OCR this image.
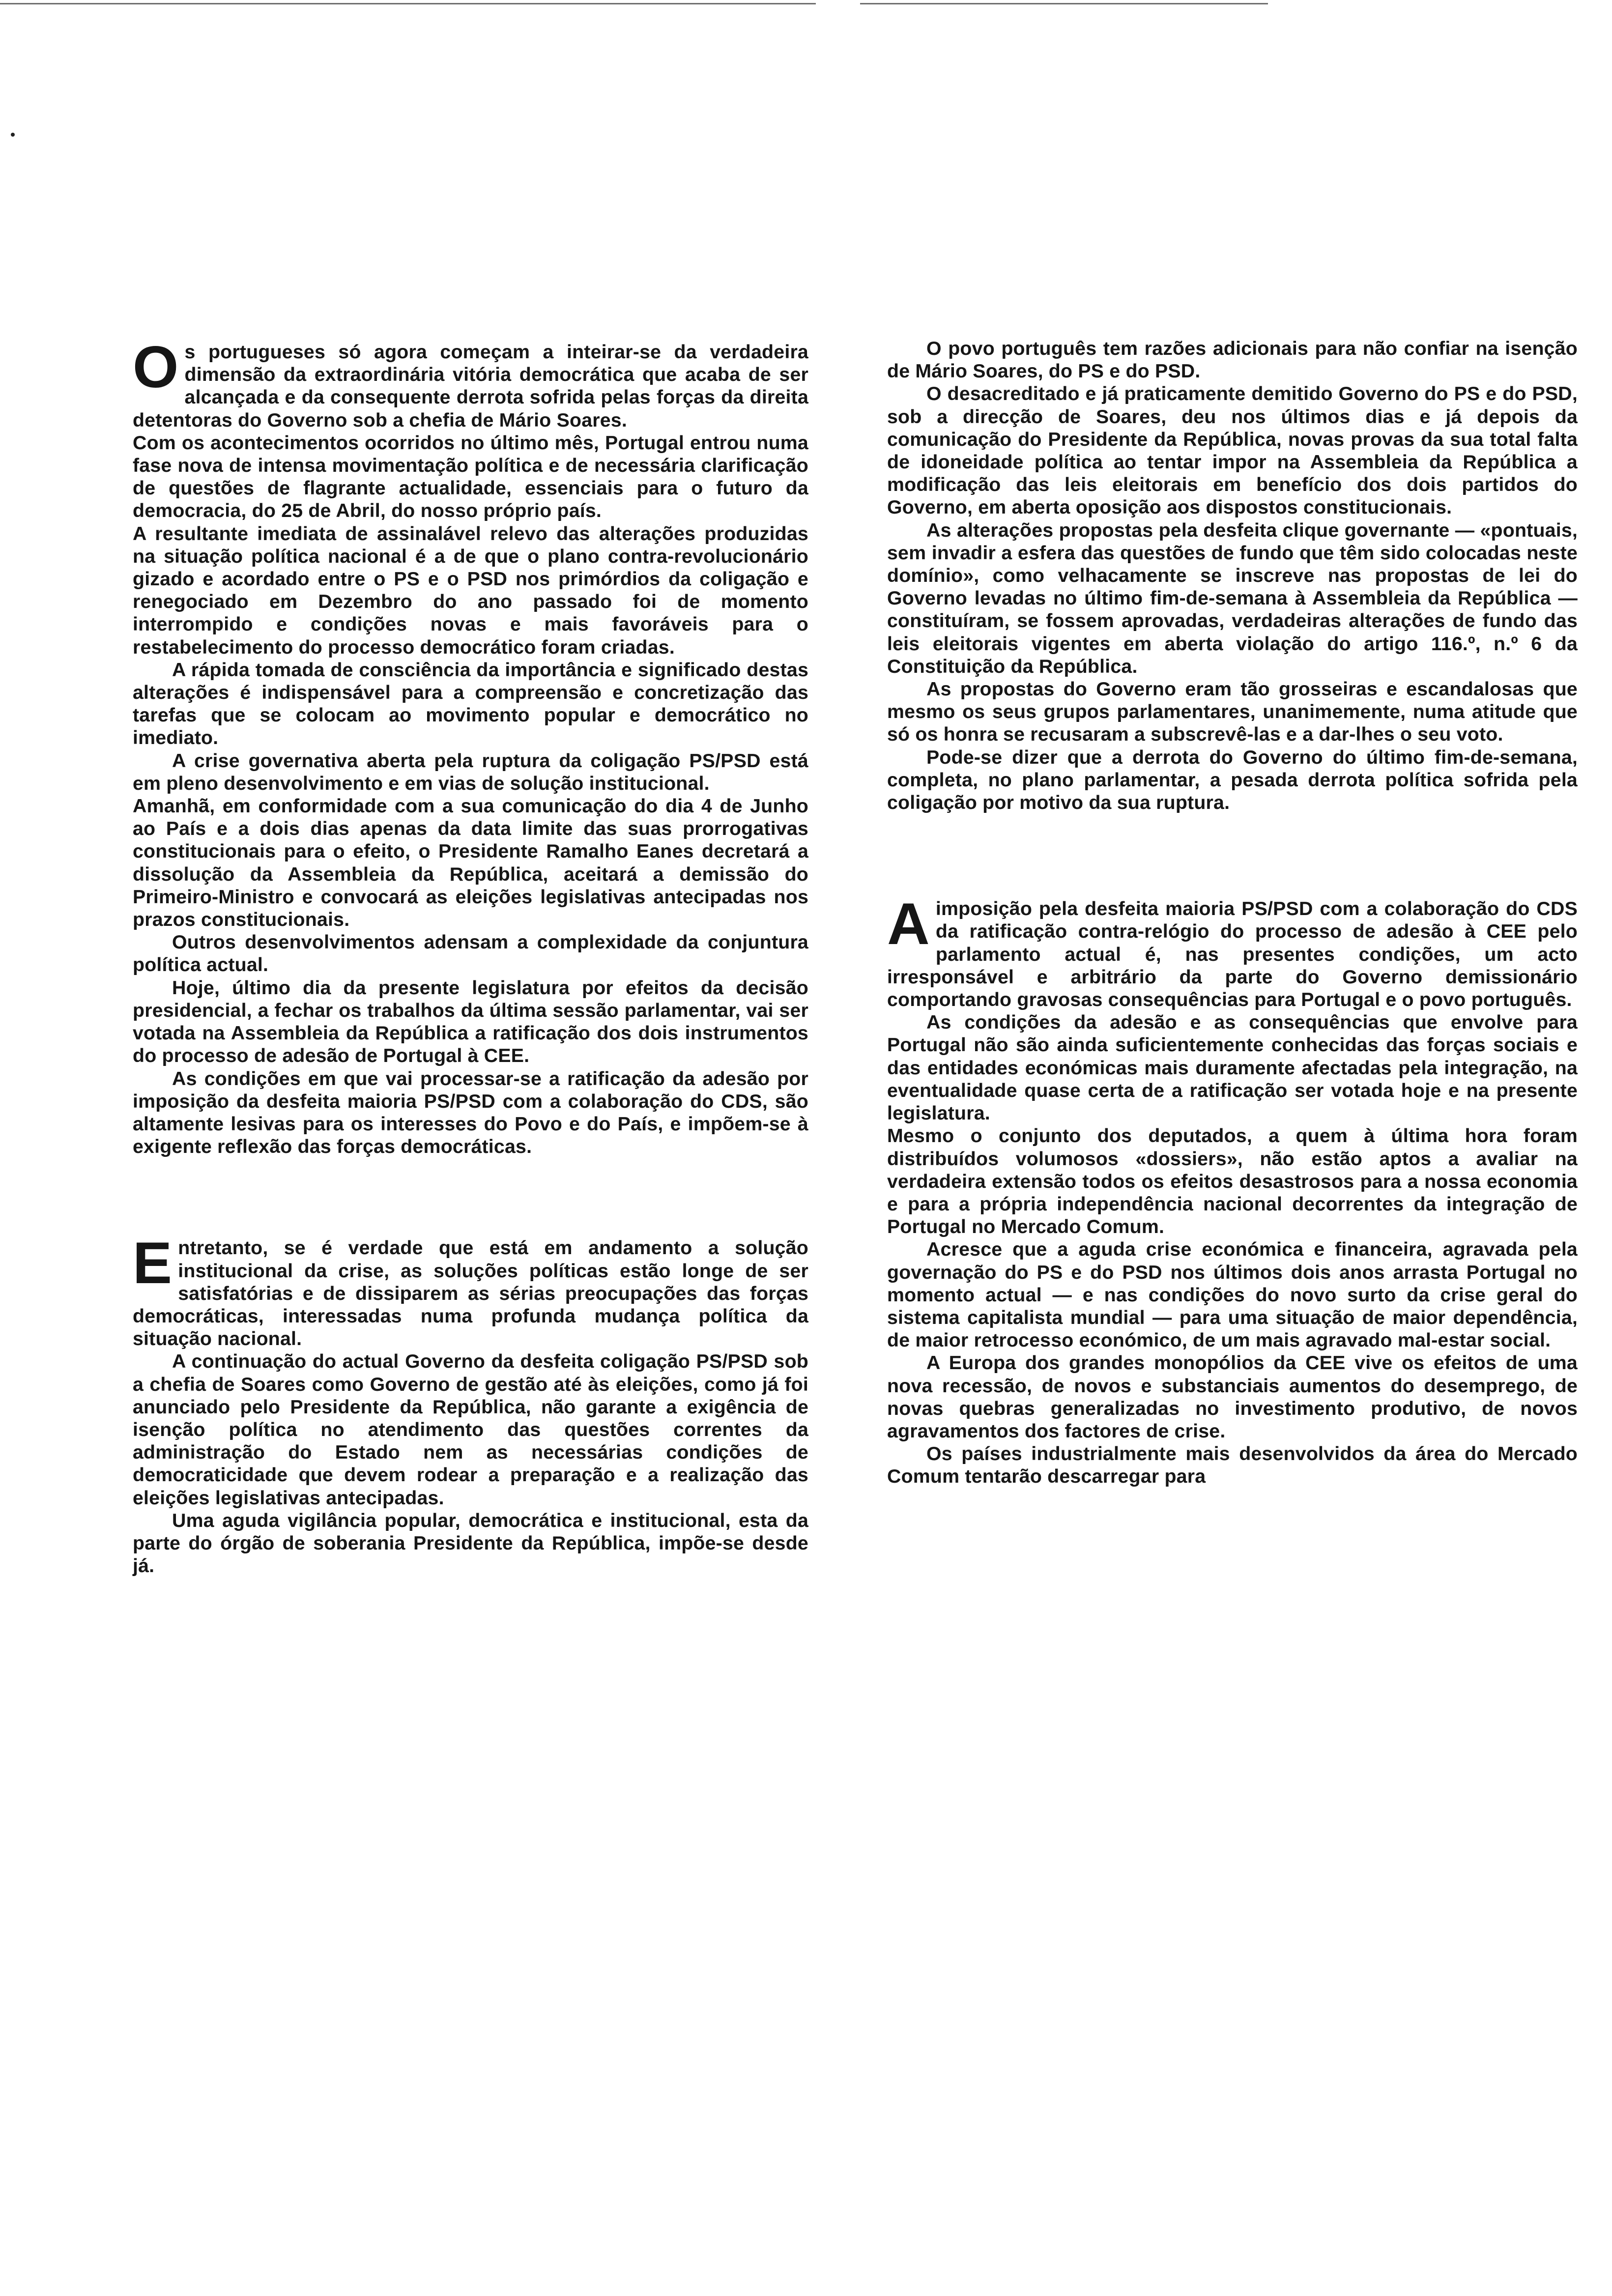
Os portugueses só agora começam a inteirar-se da verdadeira dimensão da extraordinária vitória democrática que acaba de ser alcançada e da consequente derrota sofrida pelas forças da direita detentoras do Governo sob a chefia de Mário Soares.

Com os acontecimentos ocorridos no último mês, Portugal entrou numa fase nova de intensa movimentação política e de necessária clarificação de questões de flagrante actualidade, essenciais para o futuro da democracia, do 25 de Abril, do nosso próprio país.

A resultante imediata de assinalável relevo das alterações produzidas na situação política nacional é a de que o plano contra-revolucionário gizado e acordado entre o PS e o PSD nos primórdios da coligação e renegociado em Dezembro do ano passado foi de momento interrompido e condições novas e mais favoráveis para o restabelecimento do processo democrático foram criadas.

A rápida tomada de consciência da importância e significado destas alterações é indispensável para a compreensão e concretização das tarefas que se colocam ao movimento popular e democrático no imediato.

A crise governativa aberta pela ruptura da coligação PS/PSD está em pleno desenvolvimento e em vias de solução institucional.

Amanhã, em conformidade com a sua comunicação do dia 4 de Junho ao País e a dois dias apenas da data limite das suas prorrogativas constitucionais para o efeito, o Presidente Ramalho Eanes decretará a dissolução da Assembleia da República, aceitará a demissão do Primeiro-Ministro e convocará as eleições legislativas antecipadas nos prazos constitucionais.

Outros desenvolvimentos adensam a complexidade da conjuntura política actual.

Hoje, último dia da presente legislatura por efeitos da decisão presidencial, a fechar os trabalhos da última sessão parlamentar, vai ser votada na Assembleia da República a ratificação dos dois instrumentos do processo de adesão de Portugal à CEE.

As condições em que vai processar-se a ratificação da adesão por imposição da desfeita maioria PS/PSD com a colaboração do CDS, são altamente lesivas para os interesses do Povo e do País, e impõem-se à exigente reflexão das forças democráticas.

Entretanto, se é verdade que está em andamento a solução institucional da crise, as soluções políticas estão longe de ser satisfatórias e de dissiparem as sérias preocupações das forças democráticas, interessadas numa profunda mudança política da situação nacional.

A continuação do actual Governo da desfeita coligação PS/PSD sob a chefia de Soares como Governo de gestão até às eleições, como já foi anunciado pelo Presidente da República, não garante a exigência de isenção política no atendimento das questões correntes da administração do Estado nem as necessárias condições de democraticidade que devem rodear a preparação e a realização das eleições legislativas antecipadas.

Uma aguda vigilância popular, democrática e institucional, esta da parte do órgão de soberania Presidente da República, impõe-se desde já.

O povo português tem razões adicionais para não confiar na isenção de Mário Soares, do PS e do PSD.

O desacreditado e já praticamente demitido Governo do PS e do PSD, sob a direcção de Soares, deu nos últimos dias e já depois da comunicação do Presidente da República, novas provas da sua total falta de idoneidade política ao tentar impor na Assembleia da República a modificação das leis eleitorais em benefício dos dois partidos do Governo, em aberta oposição aos dispostos constitucionais.

As alterações propostas pela desfeita clique governante — «pontuais, sem invadir a esfera das questões de fundo que têm sido colocadas neste domínio», como velhacamente se inscreve nas propostas de lei do Governo levadas no último fim-de-semana à Assembleia da República — constituíram, se fossem aprovadas, verdadeiras alterações de fundo das leis eleitorais vigentes em aberta violação do artigo 116.º, n.º 6 da Constituição da República.

As propostas do Governo eram tão grosseiras e escandalosas que mesmo os seus grupos parlamentares, unanimemente, numa atitude que só os honra se recusaram a subscrevê-las e a dar-lhes o seu voto.

Pode-se dizer que a derrota do Governo do último fim-de-semana, completa, no plano parlamentar, a pesada derrota política sofrida pela coligação por motivo da sua ruptura.

Aimposição pela desfeita maioria PS/PSD com a colaboração do CDS da ratificação contra-relógio do processo de adesão à CEE pelo parlamento actual é, nas presentes condições, um acto irresponsável e arbitrário da parte do Governo demissionário comportando gravosas consequências para Portugal e o povo português.

As condições da adesão e as consequências que envolve para Portugal não são ainda suficientemente conhecidas das forças sociais e das entidades económicas mais duramente afectadas pela integração, na eventualidade quase certa de a ratificação ser votada hoje e na presente legislatura.

Mesmo o conjunto dos deputados, a quem à última hora foram distribuídos volumosos «dossiers», não estão aptos a avaliar na verdadeira extensão todos os efeitos desastrosos para a nossa economia e para a própria independência nacional decorrentes da integração de Portugal no Mercado Comum.

Acresce que a aguda crise económica e financeira, agravada pela governação do PS e do PSD nos últimos dois anos arrasta Portugal no momento actual — e nas condições do novo surto da crise geral do sistema capitalista mundial — para uma situação de maior dependência, de maior retrocesso económico, de um mais agravado mal-estar social.

A Europa dos grandes monopólios da CEE vive os efeitos de uma nova recessão, de novos e substanciais aumentos do desemprego, de novas quebras generalizadas no investimento produtivo, de novos agravamentos dos factores de crise.

Os países industrialmente mais desenvolvidos da área do Mercado Comum tentarão descarregar para
